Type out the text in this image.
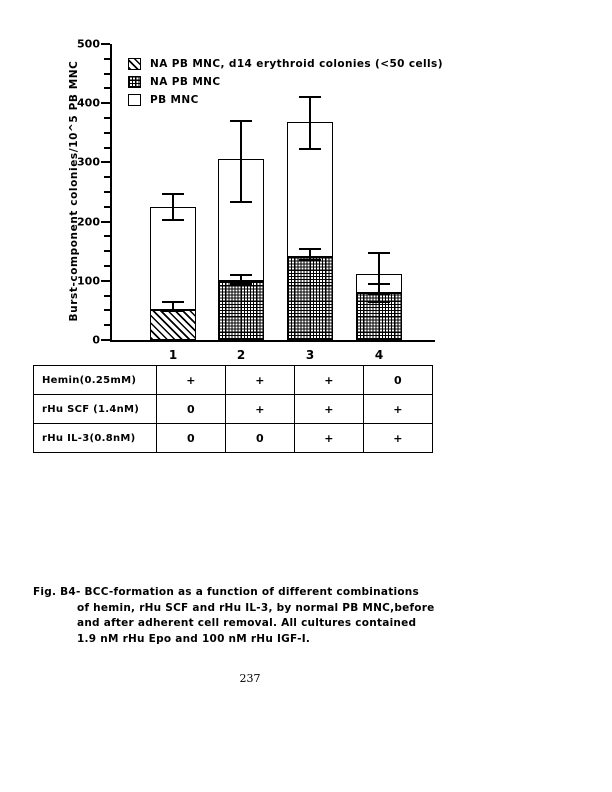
Burst-component colonies/10^5 PB MNC
0
100
200
300
400
500
1	2	3	4
NA PB MNC, d14 erythroid colonies (<50 cells)
NA PB MNC
PB MNC
Hemin(0.25mM)	+	+	+	0
rHu SCF (1.4nM)	0	+	+	+
rHu IL-3(0.8nM)	0	0	+	+
Fig. B4- BCC-formation as a function of different combinations
of hemin, rHu SCF and rHu IL-3, by normal PB MNC,before
and after adherent cell removal. All cultures contained
1.9 nM rHu Epo and 100 nM rHu IGF-I.
237
